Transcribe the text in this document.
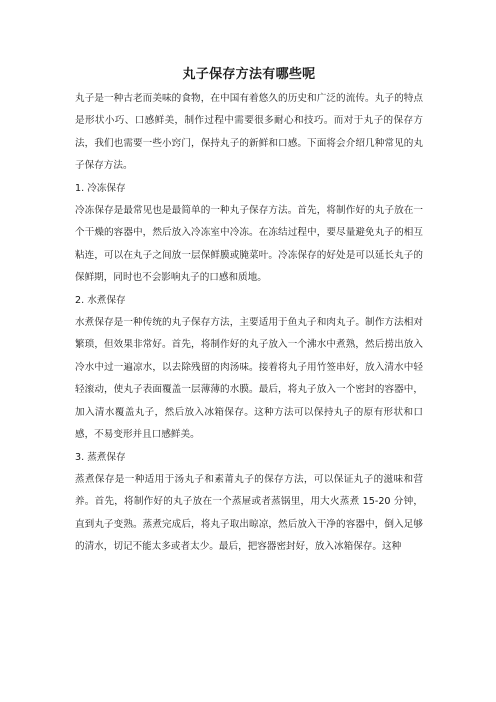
丸子保存方法有哪些呢

丸子是一种古老而美味的食物，在中国有着悠久的历史和广泛的流传。丸子的特点是形状小巧、口感鲜美，制作过程中需要很多耐心和技巧。而对于丸子的保存方法，我们也需要一些小窍门，保持丸子的新鲜和口感。下面将会介绍几种常见的丸子保存方法。

1. 冷冻保存

冷冻保存是最常见也是最简单的一种丸子保存方法。首先，将制作好的丸子放在一个干燥的容器中，然后放入冷冻室中冷冻。在冻结过程中，要尽量避免丸子的相互粘连，可以在丸子之间放一层保鲜膜或腌菜叶。冷冻保存的好处是可以延长丸子的保鲜期，同时也不会影响丸子的口感和质地。

2. 水煮保存

水煮保存是一种传统的丸子保存方法，主要适用于鱼丸子和肉丸子。制作方法相对繁琐，但效果非常好。首先，将制作好的丸子放入一个沸水中煮熟，然后捞出放入冷水中过一遍凉水，以去除残留的肉汤味。接着将丸子用竹签串好，放入清水中轻轻滚动，使丸子表面覆盖一层薄薄的水膜。最后，将丸子放入一个密封的容器中，加入清水覆盖丸子，然后放入冰箱保存。这种方法可以保持丸子的原有形状和口感，不易变形并且口感鲜美。

3. 蒸煮保存

蒸煮保存是一种适用于汤丸子和素莆丸子的保存方法，可以保证丸子的滋味和营养。首先，将制作好的丸子放在一个蒸屉或者蒸锅里，用大火蒸煮 15-20 分钟，直到丸子变熟。蒸煮完成后，将丸子取出晾凉，然后放入干净的容器中，倒入足够的清水，切记不能太多或者太少。最后，把容器密封好，放入冰箱保存。这种
